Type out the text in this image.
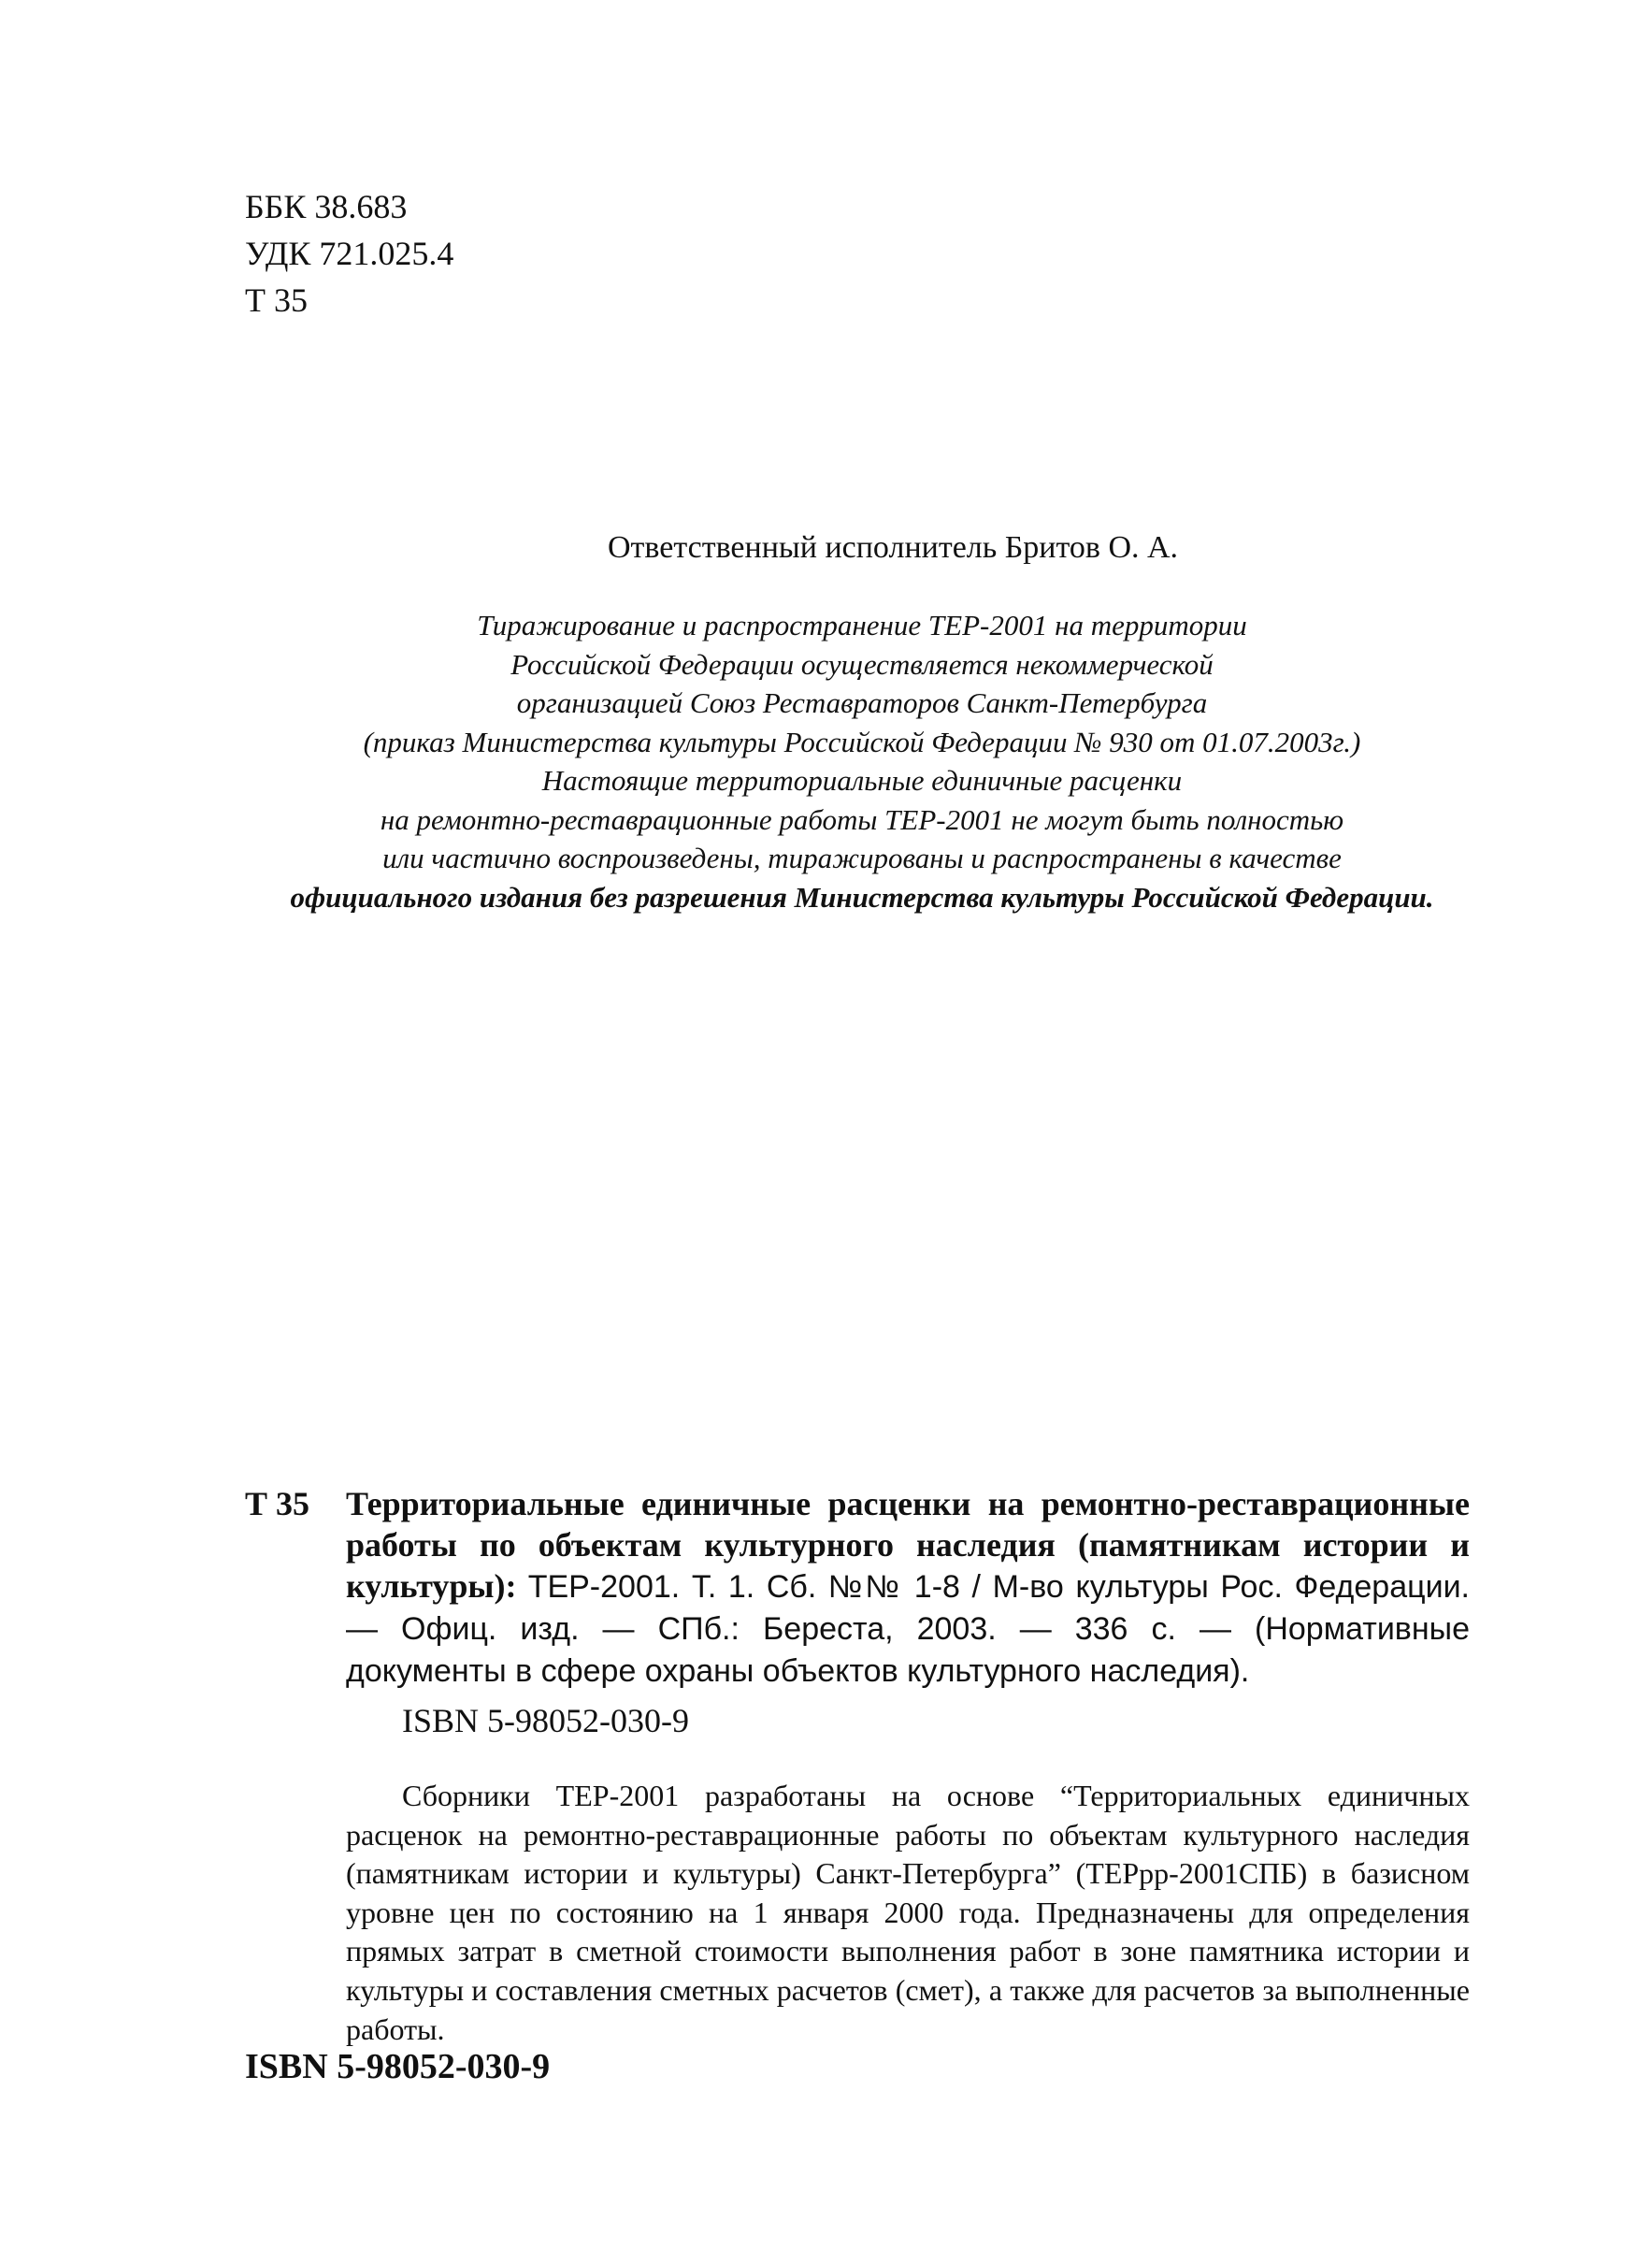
ББК 38.683
УДК 721.025.4
Т 35
Ответственный исполнитель Бритов О. А.
Тиражирование и распространение ТЕР-2001 на территории
Российской Федерации осуществляется некоммерческой
организацией Союз Реставраторов Санкт-Петербурга
(приказ Министерства культуры Российской Федерации № 930 от 01.07.2003г.)
Настоящие территориальные единичные расценки
на ремонтно-реставрационные работы ТЕР-2001 не могут быть полностью
или частично воспроизведены, тиражированы и распространены в качестве
официального издания без разрешения Министерства культуры Российской Федерации.
Т 35 Территориальные единичные расценки на ремонтно-реставрационные работы по объектам культурного наследия (памятникам истории и культуры): ТЕР-2001. Т. 1. Сб. №№ 1-8 / М-во культуры Рос. Федерации. — Офиц. изд. — СПб.: Береста, 2003. — 336 с. — (Нормативные документы в сфере охраны объектов культурного наследия).
ISBN 5-98052-030-9

Сборники ТЕР-2001 разработаны на основе “Территориальных единичных расценок на ремонтно-реставрационные работы по объектам культурного наследия (памятникам истории и культуры) Санкт-Петербурга” (ТЕРрр-2001СПБ) в базисном уровне цен по состоянию на 1 января 2000 года. Предназначены для определения прямых затрат в сметной стоимости выполнения работ в зоне памятника истории и культуры и составления сметных расчетов (смет), а также для расчетов за выполненные работы.

ISBN 5-98052-030-9
